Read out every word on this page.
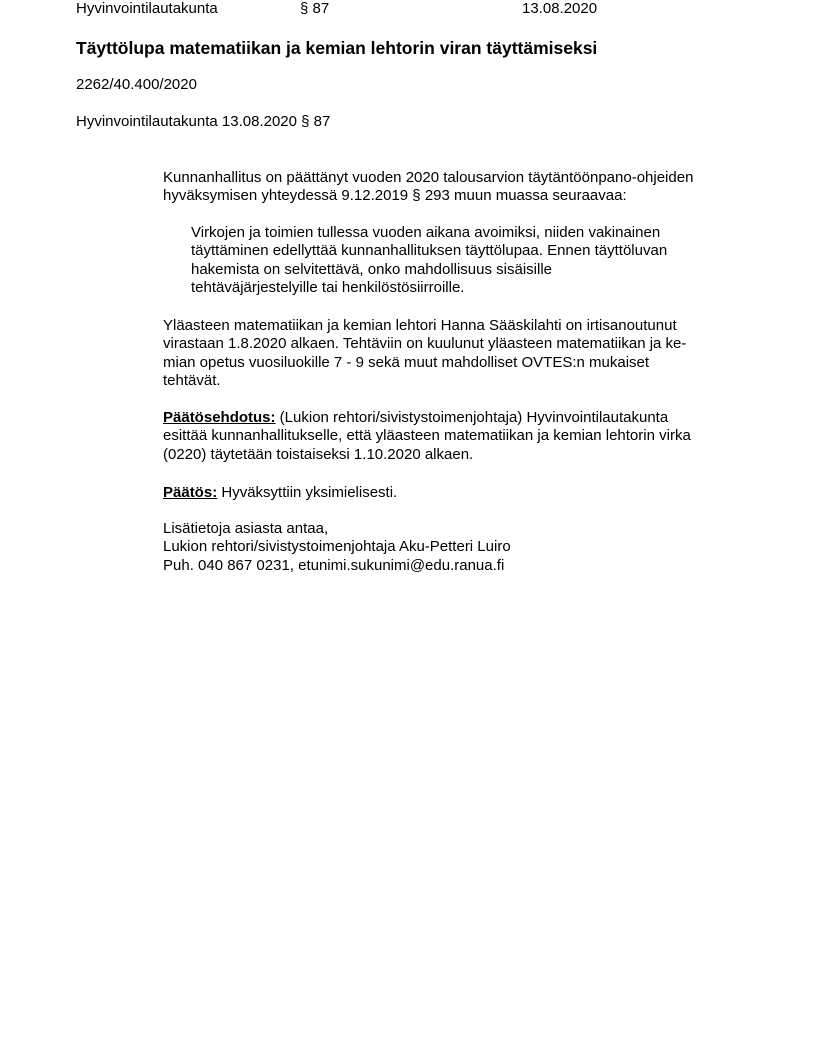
Hyvinvointilautakunta	§ 87	13.08.2020
Täyttölupa matematiikan ja kemian lehtorin viran täyttämiseksi
2262/40.400/2020
Hyvinvointilautakunta 13.08.2020 § 87
Kunnanhallitus on päättänyt vuoden 2020 talousarvion täytäntöönpano-ohjeiden
hyväksymisen yhteydessä 9.12.2019 § 293 muun muassa seuraavaa:
Virkojen ja toimien tullessa vuoden aikana avoimiksi, niiden vakinainen
täyttäminen edellyttää kunnanhallituksen täyttölupaa. Ennen täyttöluvan
hakemista on selvitettävä, onko mahdollisuus sisäisille
tehtäväjärjestelyille tai henkilöstösiirroille.
Yläasteen matematiikan ja kemian lehtori Hanna Sääskilahti on irtisanoutunut
virastaan 1.8.2020 alkaen. Tehtäviin on kuulunut yläasteen matematiikan ja ke-
mian opetus vuosiluokille 7 - 9 sekä muut mahdolliset OVTES:n mukaiset
tehtävät.
Päätösehdotus: (Lukion rehtori/sivistystoimenjohtaja) Hyvinvointilautakunta
esittää kunnanhallitukselle, että yläasteen matematiikan ja kemian lehtorin virka
(0220) täytetään toistaiseksi 1.10.2020 alkaen.
Päätös: Hyväksyttiin yksimielisesti.
Lisätietoja asiasta antaa,
Lukion rehtori/sivistystoimenjohtaja Aku-Petteri Luiro
Puh. 040 867 0231, etunimi.sukunimi@edu.ranua.fi
